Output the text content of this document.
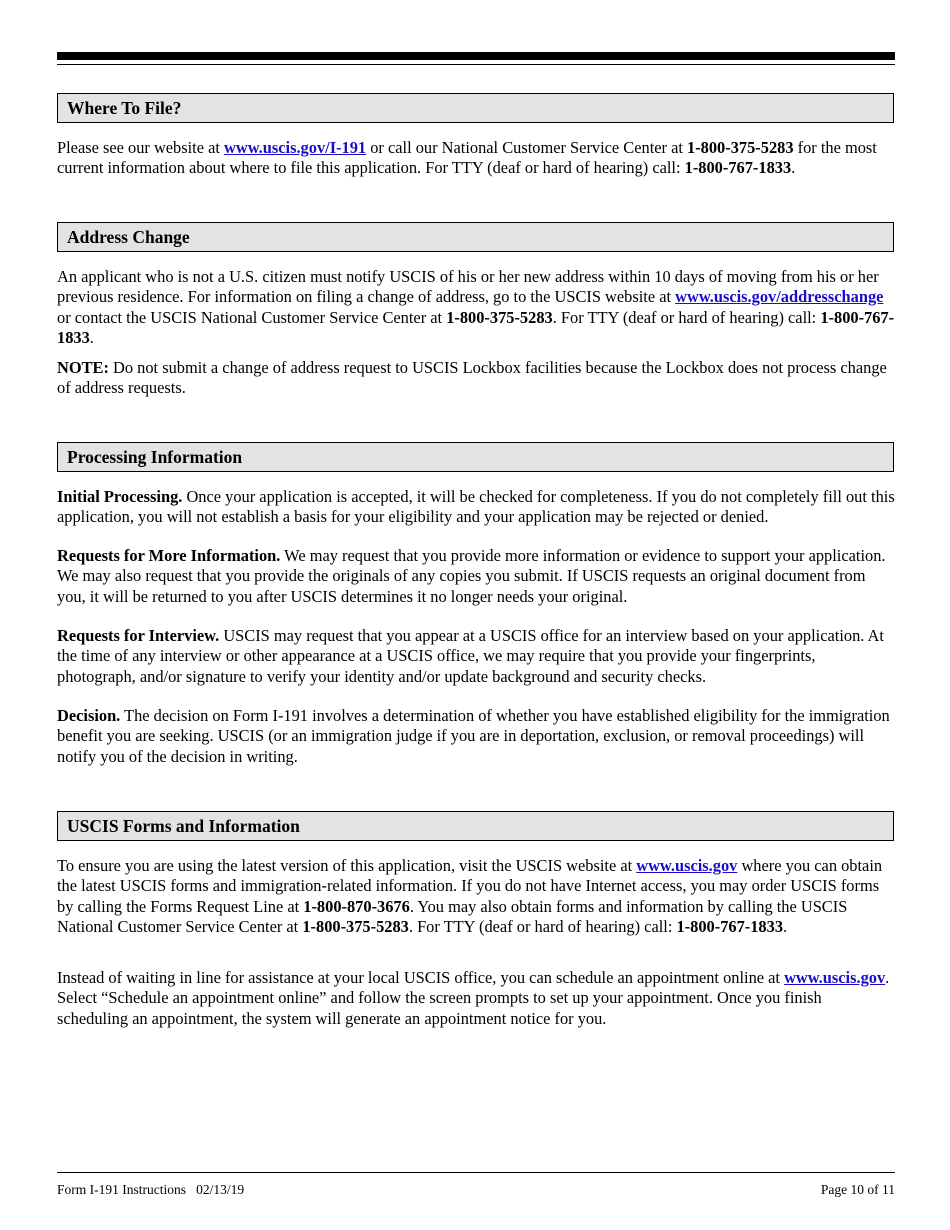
Where To File?

Please see our website at www.uscis.gov/I-191 or call our National Customer Service Center at 1-800-375-5283 for the most current information about where to file this application. For TTY (deaf or hard of hearing) call: 1-800-767-1833.

Address Change

An applicant who is not a U.S. citizen must notify USCIS of his or her new address within 10 days of moving from his or her previous residence. For information on filing a change of address, go to the USCIS website at www.uscis.gov/addresschange or contact the USCIS National Customer Service Center at 1-800-375-5283. For TTY (deaf or hard of hearing) call: 1-800-767-1833.

NOTE: Do not submit a change of address request to USCIS Lockbox facilities because the Lockbox does not process change of address requests.

Processing Information

Initial Processing. Once your application is accepted, it will be checked for completeness. If you do not completely fill out this application, you will not establish a basis for your eligibility and your application may be rejected or denied.

Requests for More Information. We may request that you provide more information or evidence to support your application. We may also request that you provide the originals of any copies you submit. If USCIS requests an original document from you, it will be returned to you after USCIS determines it no longer needs your original.

Requests for Interview. USCIS may request that you appear at a USCIS office for an interview based on your application. At the time of any interview or other appearance at a USCIS office, we may require that you provide your fingerprints, photograph, and/or signature to verify your identity and/or update background and security checks.

Decision. The decision on Form I-191 involves a determination of whether you have established eligibility for the immigration benefit you are seeking. USCIS (or an immigration judge if you are in deportation, exclusion, or removal proceedings) will notify you of the decision in writing.

USCIS Forms and Information

To ensure you are using the latest version of this application, visit the USCIS website at www.uscis.gov where you can obtain the latest USCIS forms and immigration-related information. If you do not have Internet access, you may order USCIS forms by calling the Forms Request Line at 1-800-870-3676. You may also obtain forms and information by calling the USCIS National Customer Service Center at 1-800-375-5283. For TTY (deaf or hard of hearing) call: 1-800-767-1833.

Instead of waiting in line for assistance at your local USCIS office, you can schedule an appointment online at www.uscis.gov. Select “Schedule an appointment online” and follow the screen prompts to set up your appointment. Once you finish scheduling an appointment, the system will generate an appointment notice for you.

Form I-191 Instructions   02/13/19	Page 10 of 11
